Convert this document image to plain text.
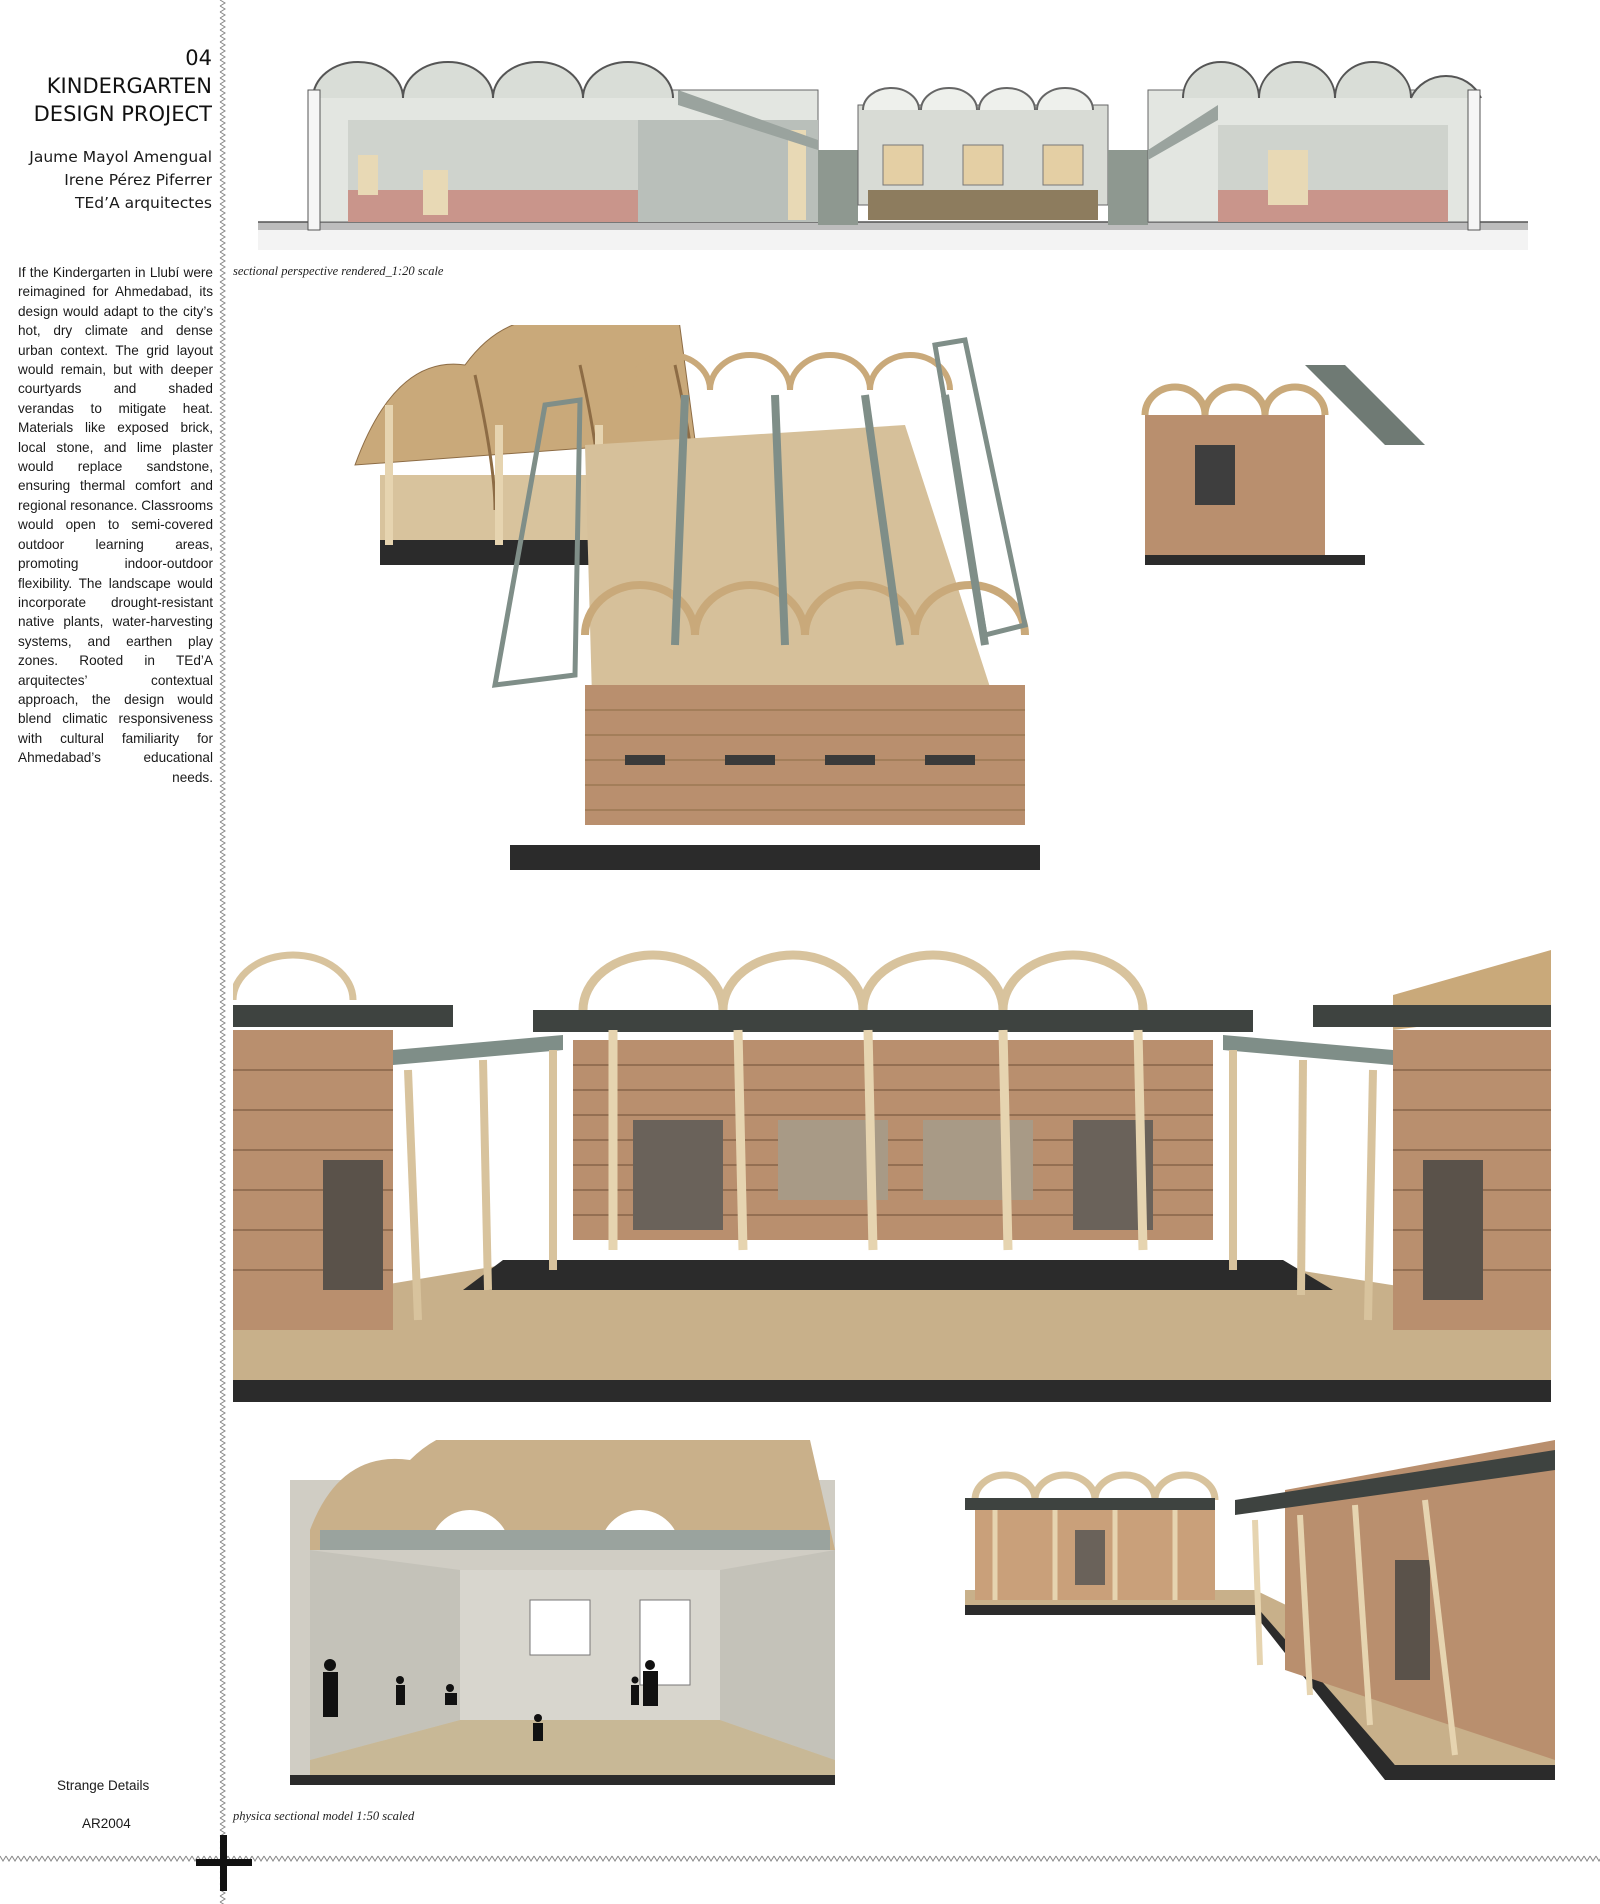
04
KINDERGARTEN DESIGN PROJECT
Jaume Mayol Amengual
Irene Pérez Piferrer
TEd’A arquitectes
If the Kindergarten in Llubí were reimagined for Ahmedabad, its design would adapt to the city’s hot, dry climate and dense urban context. The grid layout would remain, but with deeper courtyards and shaded verandas to mitigate heat. Materials like exposed brick, local stone, and lime plaster would replace sandstone, ensuring thermal comfort and regional resonance. Classrooms would open to semi-covered outdoor learning areas, promoting indoor-outdoor flexibility. The landscape would incorporate drought-resistant native plants, water-harvesting systems, and earthen play zones. Rooted in TEd’A arquitectes’ contextual approach, the design would blend climatic responsiveness with cultural familiarity for Ahmedabad’s educational needs.
Strange Details
AR2004
sectional perspective rendered_1:20 scale
physica sectional model 1:50 scaled
